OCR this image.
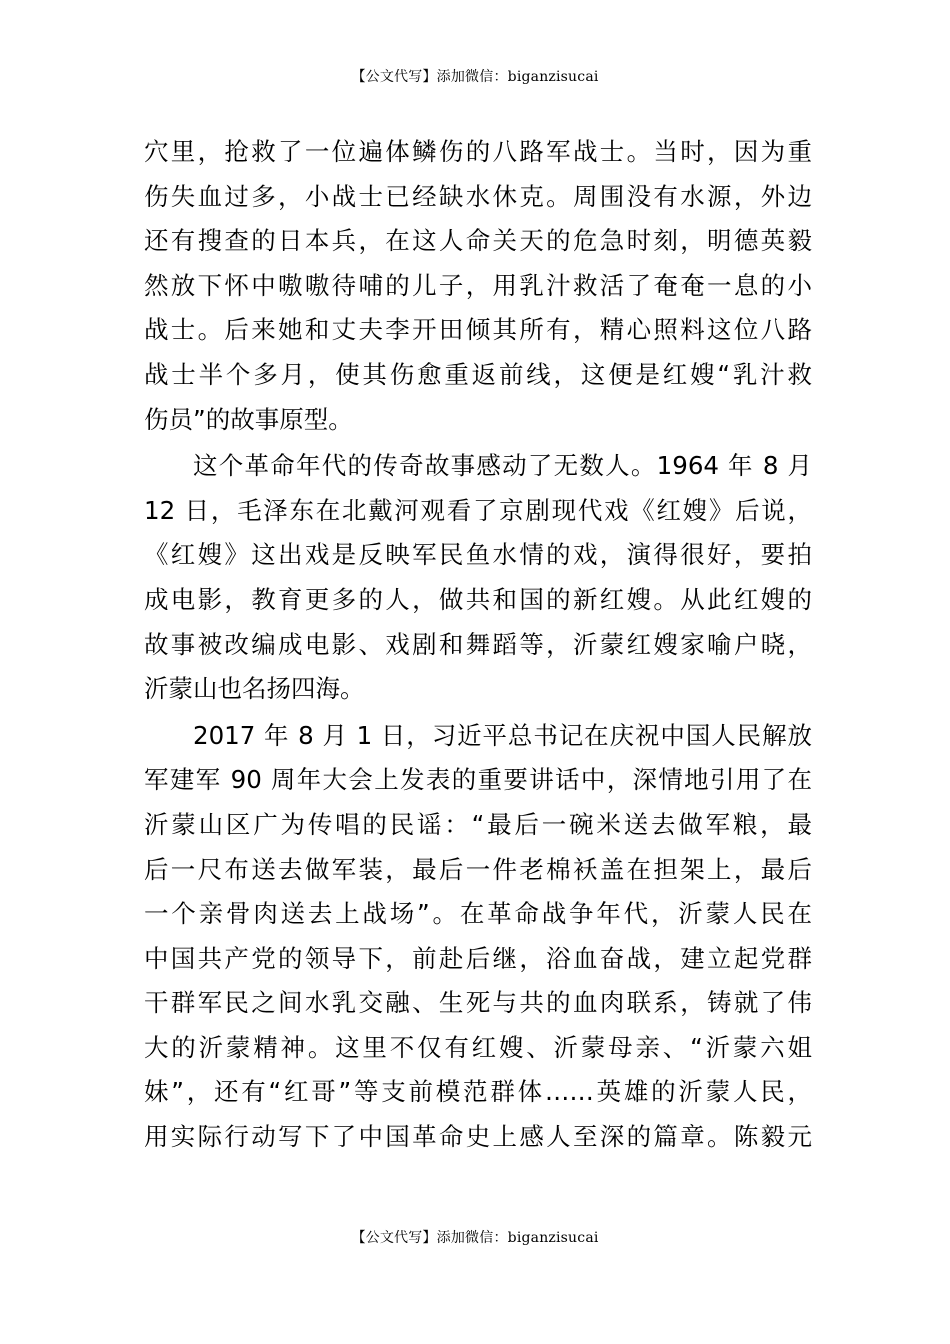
【公文代写】添加微信：biganzisucai
穴里，抢救了一位遍体鳞伤的八路军战士。当时，因为重
伤失血过多，小战士已经缺水休克。周围没有水源，外边
还有搜查的日本兵，在这人命关天的危急时刻，明德英毅
然放下怀中嗷嗷待哺的儿子，用乳汁救活了奄奄一息的小
战士。后来她和丈夫李开田倾其所有，精心照料这位八路
战士半个多月，使其伤愈重返前线，这便是红嫂“乳汁救
伤员”的故事原型。
这个革命年代的传奇故事感动了无数人。1964 年 8 月
12 日，毛泽东在北戴河观看了京剧现代戏《红嫂》后说，
《红嫂》这出戏是反映军民鱼水情的戏，演得很好，要拍
成电影，教育更多的人，做共和国的新红嫂。从此红嫂的
故事被改编成电影、戏剧和舞蹈等，沂蒙红嫂家喻户晓，
沂蒙山也名扬四海。
2017 年 8 月 1 日，习近平总书记在庆祝中国人民解放
军建军 90 周年大会上发表的重要讲话中，深情地引用了在
沂蒙山区广为传唱的民谣：“最后一碗米送去做军粮，最
后一尺布送去做军装，最后一件老棉袄盖在担架上，最后
一个亲骨肉送去上战场”。在革命战争年代，沂蒙人民在
中国共产党的领导下，前赴后继，浴血奋战，建立起党群
干群军民之间水乳交融、生死与共的血肉联系，铸就了伟
大的沂蒙精神。这里不仅有红嫂、沂蒙母亲、“沂蒙六姐
妹”，还有“红哥”等支前模范群体……英雄的沂蒙人民，
用实际行动写下了中国革命史上感人至深的篇章。陈毅元
【公文代写】添加微信：biganzisucai
